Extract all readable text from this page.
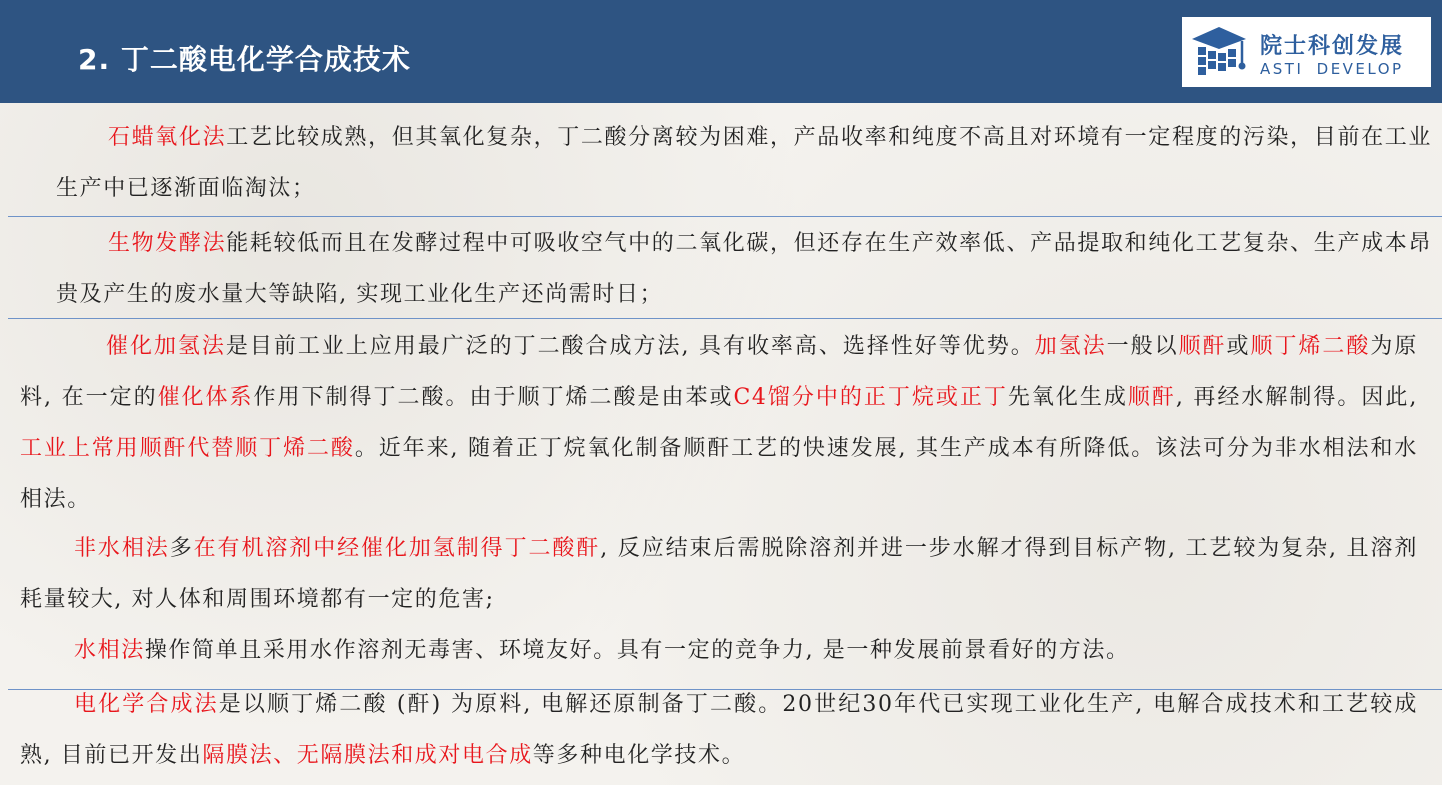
2. 丁二酸电化学合成技术	院士科创发展
ASTI DEVELOP

石蜡氧化法工艺比较成熟，但其氧化复杂，丁二酸分离较为困难，产品收率和纯度不高且对环境有一定程度的污染，目前在工业生产中已逐渐面临淘汰；

生物发酵法能耗较低而且在发酵过程中可吸收空气中的二氧化碳，但还存在生产效率低、产品提取和纯化工艺复杂、生产成本昂贵及产生的废水量大等缺陷, 实现工业化生产还尚需时日；

催化加氢法是目前工业上应用最广泛的丁二酸合成方法, 具有收率高、选择性好等优势。加氢法一般以顺酐或顺丁烯二酸为原料, 在一定的催化体系作用下制得丁二酸。由于顺丁烯二酸是由苯或C4馏分中的正丁烷或正丁先氧化生成顺酐, 再经水解制得。因此, 工业上常用顺酐代替顺丁烯二酸。近年来, 随着正丁烷氧化制备顺酐工艺的快速发展, 其生产成本有所降低。该法可分为非水相法和水相法。

非水相法多在有机溶剂中经催化加氢制得丁二酸酐, 反应结束后需脱除溶剂并进一步水解才得到目标产物, 工艺较为复杂, 且溶剂耗量较大, 对人体和周围环境都有一定的危害;

水相法操作简单且采用水作溶剂无毒害、环境友好。具有一定的竞争力, 是一种发展前景看好的方法。

电化学合成法是以顺丁烯二酸 (酐) 为原料, 电解还原制备丁二酸。20世纪30年代已实现工业化生产, 电解合成技术和工艺较成熟, 目前已开发出隔膜法、无隔膜法和成对电合成等多种电化学技术。
